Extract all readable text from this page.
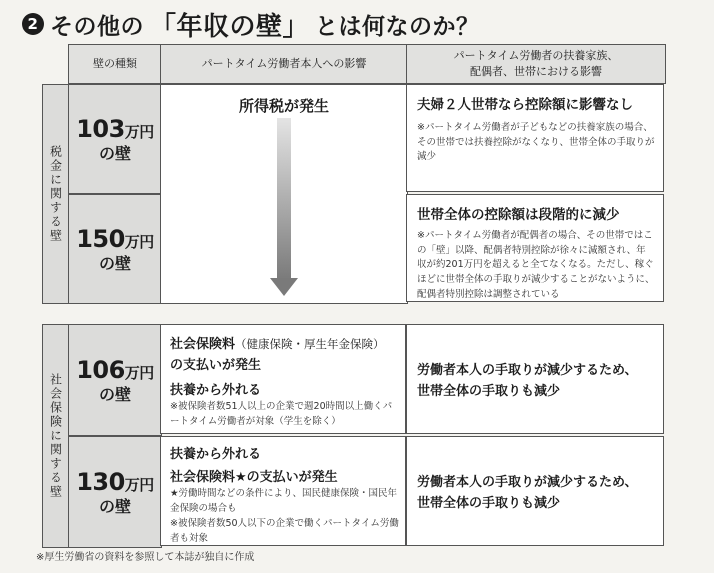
2 その他の 「年収の壁」 とは何なのか？
壁の種類	パートタイム労働者本人への影響
パートタイム労働者の扶養家族、
配偶者、世帯における影響
税金に関する壁
103万円
の壁
150万円
の壁
所得税が発生	夫婦２人世帯なら控除額に影響なし
※パートタイム労働者が子どもなどの扶養家族の場合、その世帯では扶養控除がなくなり、世帯全体の手取りが減少
世帯全体の控除額は段階的に減少
※パートタイム労働者が配偶者の場合、その世帯ではこの「壁」以降、配偶者特別控除が徐々に減額され、年収が約201万円を超えると全てなくなる。ただし、稼ぐほどに世帯全体の手取りが減少することがないように、配偶者特別控除は調整されている
社会保険に関する壁
106万円
の壁
130万円
の壁
社会保険料（健康保険・厚生年金保険）
の支払いが発生
扶養から外れる
※被保険者数51人以上の企業で週20時間以上働くパートタイム労働者が対象（学生を除く）
扶養から外れる
社会保険料★の支払いが発生
★労働時間などの条件により、国民健康保険・国民年金保険の場合も
※被保険者数50人以下の企業で働くパートタイム労働者も対象
労働者本人の手取りが減少するため、
世帯全体の手取りも減少
労働者本人の手取りが減少するため、
世帯全体の手取りも減少
※厚生労働省の資料を参照して本誌が独自に作成
